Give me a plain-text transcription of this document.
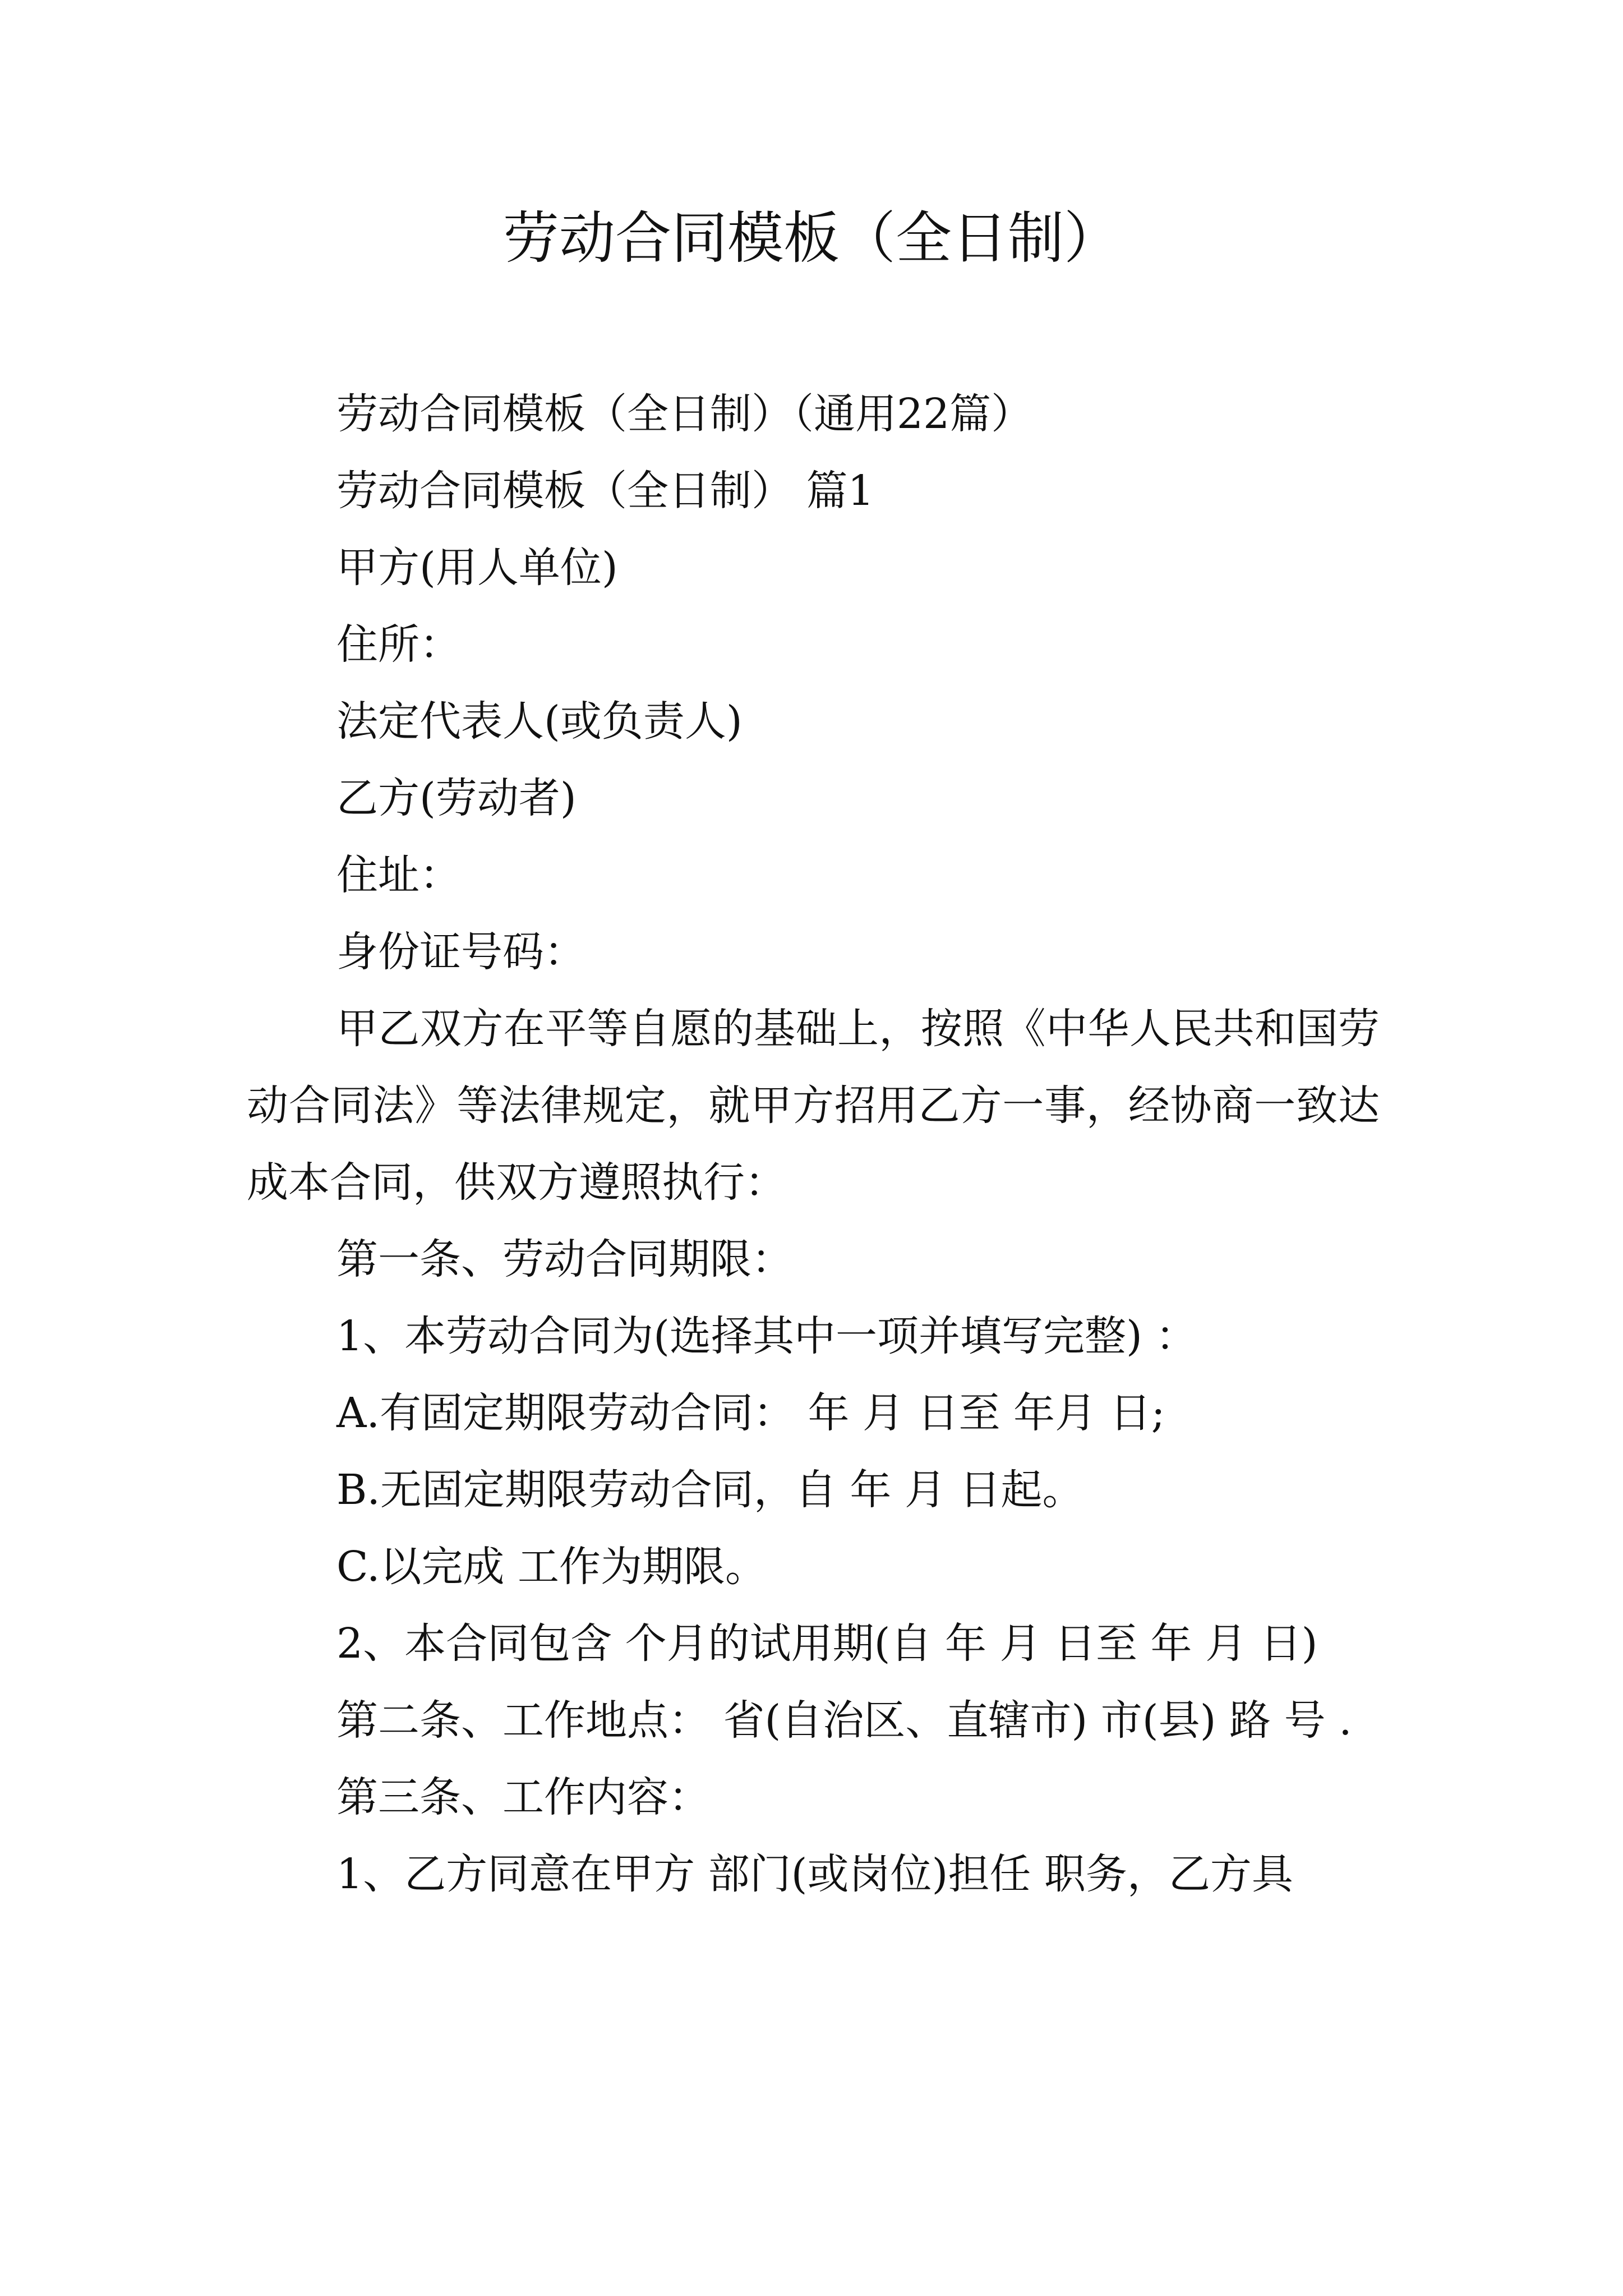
劳动合同模板（全日制）

劳动合同模板（全日制）（通用22篇）

劳动合同模板（全日制） 篇1

甲方(用人单位)

住所：

法定代表人(或负责人)

乙方(劳动者)

住址：

身份证号码：

甲乙双方在平等自愿的基础上，按照《中华人民共和国劳动合同法》等法律规定，就甲方招用乙方一事，经协商一致达成本合同，供双方遵照执行：

第一条、劳动合同期限：

1、本劳动合同为(选择其中一项并填写完整) ：

A.有固定期限劳动合同： 年 月 日至 年月 日;

B.无固定期限劳动合同，自 年 月 日起。

C.以完成 工作为期限。

2、本合同包含 个月的试用期(自 年 月 日至 年 月 日)

第二条、工作地点： 省(自治区、直辖市) 市(县) 路 号 .

第三条、工作内容：

1、乙方同意在甲方 部门(或岗位)担任 职务，乙方具
